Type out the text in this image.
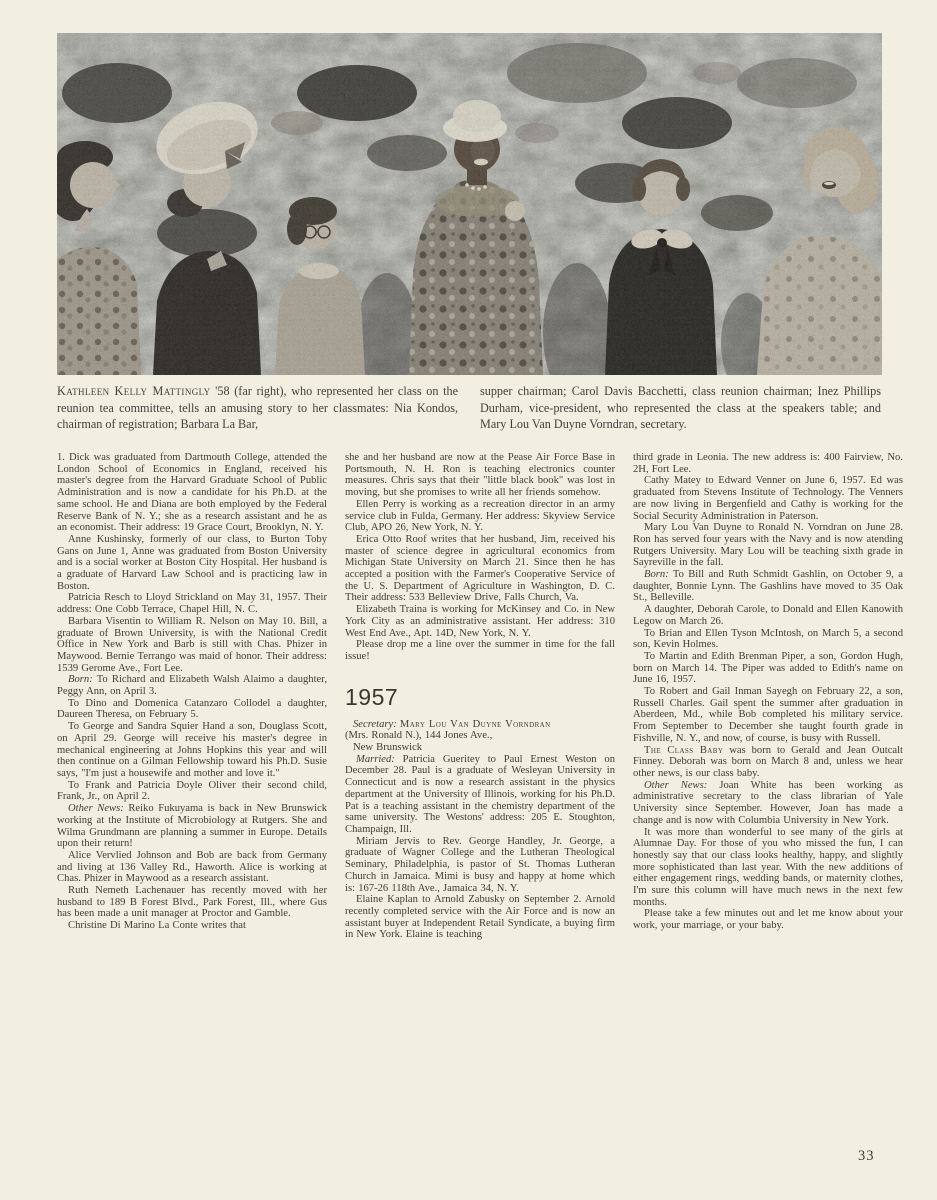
Kathleen Kelly Mattingly '58 (far right), who represented her class on the reunion tea committee, tells an amusing story to her classmates: Nia Kondos, chairman of registration; Barbara La Bar,
supper chairman; Carol Davis Bacchetti, class reunion chairman; Inez Phillips Durham, vice-president, who represented the class at the speakers table; and Mary Lou Van Duyne Vorndran, secretary.

1. Dick was graduated from Dartmouth College, attended the London School of Economics in England, received his master's degree from the Harvard Graduate School of Public Administration and is now a candidate for his Ph.D. at the same school. He and Diana are both employed by the Federal Reserve Bank of N. Y.; she as a research assistant and he as an economist. Their address: 19 Grace Court, Brooklyn, N. Y.

Anne Kushinsky, formerly of our class, to Burton Toby Gans on June 1, Anne was graduated from Boston University and is a social worker at Boston City Hospital. Her husband is a graduate of Harvard Law School and is practicing law in Boston.

Patricia Resch to Lloyd Strickland on May 31, 1957. Their address: One Cobb Terrace, Chapel Hill, N. C.

Barbara Visentin to William R. Nelson on May 10. Bill, a graduate of Brown University, is with the National Credit Office in New York and Barb is still with Chas. Phizer in Maywood. Bernie Terrango was maid of honor. Their address: 1539 Gerome Ave., Fort Lee.

Born: To Richard and Elizabeth Walsh Alaimo a daughter, Peggy Ann, on April 3.

To Dino and Domenica Catanzaro Collodel a daughter, Daureen Theresa, on February 5.

To George and Sandra Squier Hand a son, Douglass Scott, on April 29. George will receive his master's degree in mechanical engineering at Johns Hopkins this year and will then continue on a Gilman Fellowship toward his Ph.D. Susie says, "I'm just a housewife and mother and love it."

To Frank and Patricia Doyle Oliver their second child, Frank, Jr., on April 2.

Other News: Reiko Fukuyama is back in New Brunswick working at the Institute of Microbiology at Rutgers. She and Wilma Grundmann are planning a summer in Europe. Details upon their return!

Alice Vervlied Johnson and Bob are back from Germany and living at 136 Valley Rd., Haworth. Alice is working at Chas. Phizer in Maywood as a research assistant.

Ruth Nemeth Lachenauer has recently moved with her husband to 189 B Forest Blvd., Park Forest, Ill., where Gus has been made a unit manager at Proctor and Gamble.

Christine Di Marino La Conte writes that

she and her husband are now at the Pease Air Force Base in Portsmouth, N. H. Ron is teaching electronics counter measures. Chris says that their "little black book" was lost in moving, but she promises to write all her friends somehow.

Ellen Perry is working as a recreation director in an army service club in Fulda, Germany. Her address: Skyview Service Club, APO 26, New York, N. Y.

Erica Otto Roof writes that her husband, Jim, received his master of science degree in agricultural economics from Michigan State University on March 21. Since then he has accepted a position with the Farmer's Cooperative Service of the U. S. Department of Agriculture in Washington, D. C. Their address: 533 Belleview Drive, Falls Church, Va.

Elizabeth Traina is working for McKinsey and Co. in New York City as an administrative assistant. Her address: 310 West End Ave., Apt. 14D, New York, N. Y.

Please drop me a line over the summer in time for the fall issue!

1957

Secretary: Mary Lou Van Duyne Vorndran
(Mrs. Ronald N.), 144 Jones Ave.,
New Brunswick

Married: Patricia Gueritey to Paul Ernest Weston on December 28. Paul is a graduate of Wesleyan University in Connecticut and is now a research assistant in the physics department at the University of Illinois, working for his Ph.D. Pat is a teaching assistant in the chemistry department of the same university. The Westons' address: 205 E. Stoughton, Champaign, Ill.

Miriam Jervis to Rev. George Handley, Jr. George, a graduate of Wagner College and the Lutheran Theological Seminary, Philadelphia, is pastor of St. Thomas Lutheran Church in Jamaica. Mimi is busy and happy at home which is: 167-26 118th Ave., Jamaica 34, N. Y.

Elaine Kaplan to Arnold Zabusky on September 2. Arnold recently completed service with the Air Force and is now an assistant buyer at Independent Retail Syndicate, a buying firm in New York. Elaine is teaching

third grade in Leonia. The new address is: 400 Fairview, No. 2H, Fort Lee.

Cathy Matey to Edward Venner on June 6, 1957. Ed was graduated from Stevens Institute of Technology. The Venners are now living in Bergenfield and Cathy is working for the Social Security Administration in Paterson.

Mary Lou Van Duyne to Ronald N. Vorndran on June 28. Ron has served four years with the Navy and is now atending Rutgers University. Mary Lou will be teaching sixth grade in Sayreville in the fall.

Born: To Bill and Ruth Schmidt Gashlin, on October 9, a daughter, Bonnie Lynn. The Gashlins have moved to 35 Oak St., Belleville.

A daughter, Deborah Carole, to Donald and Ellen Kanowith Legow on March 26.

To Brian and Ellen Tyson McIntosh, on March 5, a second son, Kevin Holmes.

To Martin and Edith Brenman Piper, a son, Gordon Hugh, born on March 14. The Piper was added to Edith's name on June 16, 1957.

To Robert and Gail Inman Sayegh on February 22, a son, Russell Charles. Gail spent the summer after graduation in Aberdeen, Md., while Bob completed his military service. From September to December she taught fourth grade in Fishville, N. Y., and now, of course, is busy with Russell.

The Class Baby was born to Gerald and Jean Outcalt Finney. Deborah was born on March 8 and, unless we hear other news, is our class baby.

Other News: Joan White has been working as administrative secretary to the class librarian of Yale University since September. However, Joan has made a change and is now with Columbia University in New York.

It was more than wonderful to see many of the girls at Alumnae Day. For those of you who missed the fun, I can honestly say that our class looks healthy, happy, and slightly more sophisticated than last year. With the new additions of either engagement rings, wedding bands, or maternity clothes, I'm sure this column will have much news in the next few months.

Please take a few minutes out and let me know about your work, your marriage, or your baby.

33
